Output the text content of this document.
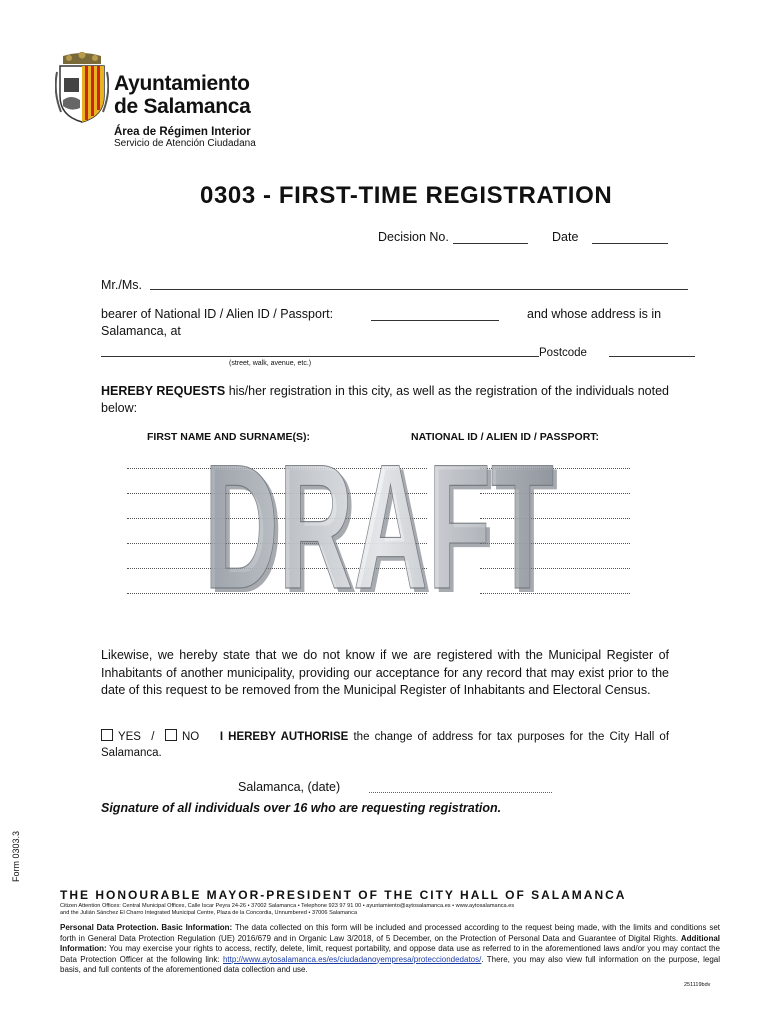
Ayuntamiento
de Salamanca
Área de Régimen Interior
Servicio de Atención Ciudadana
0303 - FIRST-TIME REGISTRATION
Decision No.	Date
Mr./Ms.
bearer of National ID / Alien ID / Passport:	and whose address is in
Salamanca, at
Postcode
(street, walk, avenue, etc.)
HEREBY REQUESTS his/her registration in this city, as well as the registration of the individuals noted below:
FIRST NAME AND SURNAME(S):	NATIONAL ID / ALIEN ID / PASSPORT:
DRAFT
DRAFT
Likewise, we hereby state that we do not know if we are registered with the Municipal Register of Inhabitants of another municipality, providing our acceptance for any record that may exist prior to the date of this request to be removed from the Municipal Register of Inhabitants and Electoral Census.
YES / NO I HEREBY AUTHORISE the change of address for tax purposes for the City Hall of Salamanca.
Salamanca, (date)
Signature of all individuals over 16 who are requesting registration.
Form 0303.3
THE HONOURABLE MAYOR-PRESIDENT OF THE CITY HALL OF SALAMANCA
Citizen Attention Offices: Central Municipal Offices, Calle Iscar Peyra 24-26 • 37002 Salamanca • Telephone 923 97 91 00 • ayuntamiento@aytosalamanca.es • www.aytosalamanca.es
and the Julián Sánchez El Charro Integrated Municipal Centre, Plaza de la Concordia, Unnumbered • 37006 Salamanca
Personal Data Protection. Basic Information: The data collected on this form will be included and processed according to the request being made, with the limits and conditions set forth in General Data Protection Regulation (UE) 2016/679 and in Organic Law 3/2018, of 5 December, on the Protection of Personal Data and Guarantee of Digital Rights. Additional Information: You may exercise your rights to access, rectify, delete, limit, request portability, and oppose data use as referred to in the aforementioned laws and/or you may contact the Data Protection Officer at the following link: http://www.aytosalamanca.es/es/ciudadanoyempresa/protecciondedatos/. There, you may also view full information on the purpose, legal basis, and full contents of the aforementioned data collection and use.
251119bdv
